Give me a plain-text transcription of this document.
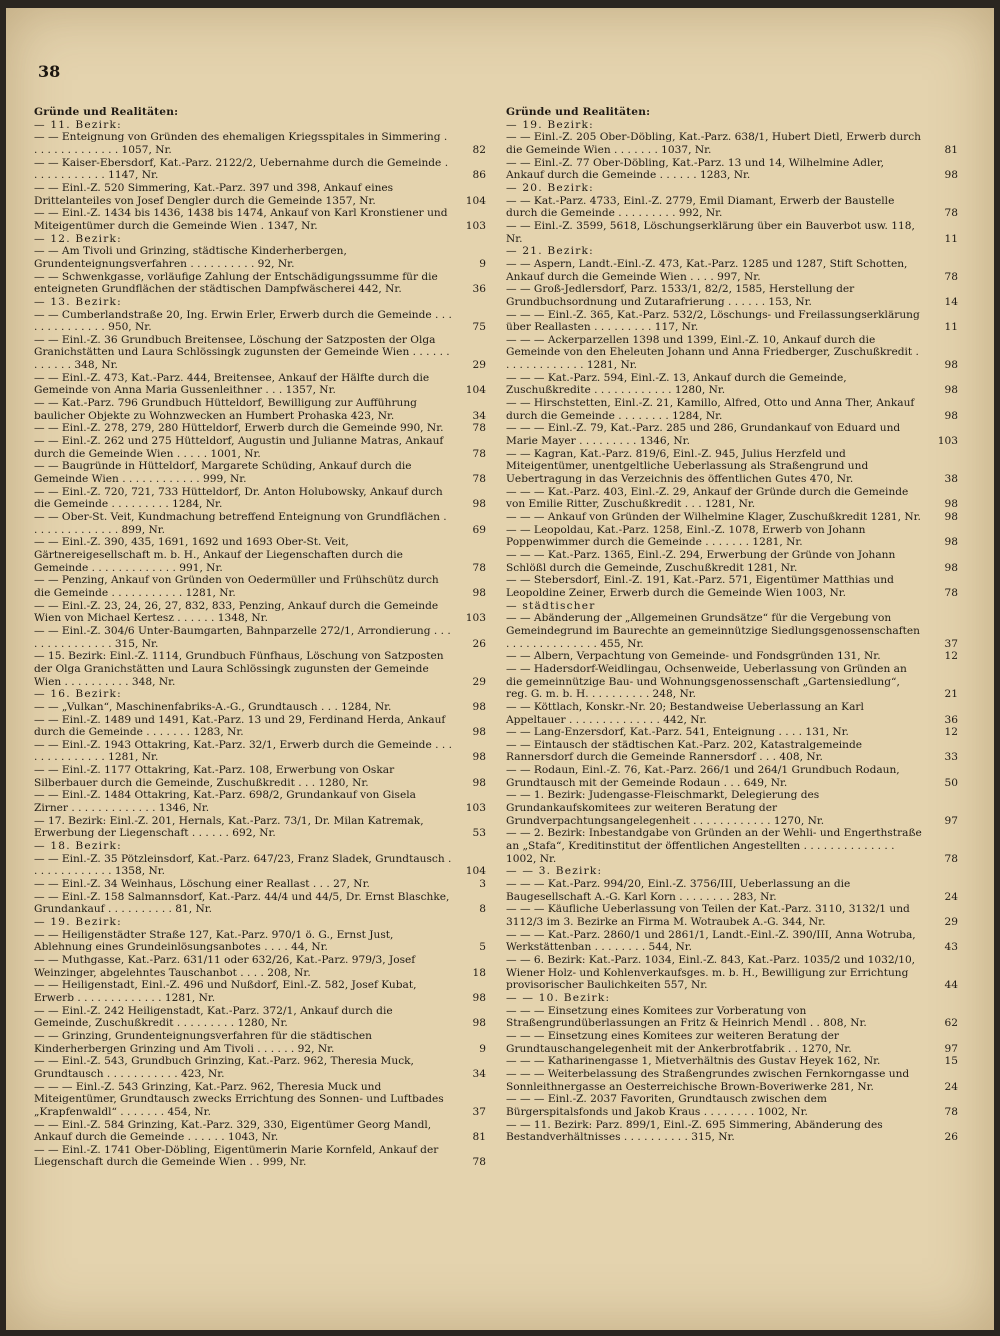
38
Gründe und Realitäten:
— 11. Bezirk:
— — Enteignung von Gründen des ehemaligen Kriegsspitales in Simmering . . . . . . . . . . . . . . 1057, Nr.	82
— — Kaiser-Ebersdorf, Kat.-Parz. 2122/2, Uebernahme durch die Gemeinde . . . . . . . . . . . . 1147, Nr.	86
— — Einl.-Z. 520 Simmering, Kat.-Parz. 397 und 398, Ankauf eines Drittelanteiles von Josef Dengler durch die Gemeinde 1357, Nr.	104
— — Einl.-Z. 1434 bis 1436, 1438 bis 1474, Ankauf von Karl Kronstiener und Miteigentümer durch die Gemeinde Wien . 1347, Nr.	103
— 12. Bezirk:
— — Am Tivoli und Grinzing, städtische Kinderherbergen, Grundenteignungsverfahren . . . . . . . . . . 92, Nr.	9
— — Schwenkgasse, vorläufige Zahlung der Entschädigungssumme für die enteigneten Grundflächen der städtischen Dampfwäscherei 442, Nr.	36
— 13. Bezirk:
— — Cumberlandstraße 20, Ing. Erwin Erler, Erwerb durch die Gemeinde . . . . . . . . . . . . . . 950, Nr.	75
— — Einl.-Z. 36 Grundbuch Breitensee, Löschung der Satzposten der Olga Granichstätten und Laura Schlössingk zugunsten der Gemeinde Wien . . . . . . . . . . . . 348, Nr.	29
— — Einl.-Z. 473, Kat.-Parz. 444, Breitensee, Ankauf der Hälfte durch die Gemeinde von Anna Maria Gussenleithner . . . 1357, Nr.	104
— — Kat.-Parz. 796 Grundbuch Hütteldorf, Bewilligung zur Aufführung baulicher Objekte zu Wohnzwecken an Humbert Prohaska 423, Nr.	34
— — Einl.-Z. 278, 279, 280 Hütteldorf, Erwerb durch die Gemeinde 990, Nr.	78
— — Einl.-Z. 262 und 275 Hütteldorf, Augustin und Julianne Matras, Ankauf durch die Gemeinde Wien . . . . . 1001, Nr.	78
— — Baugründe in Hütteldorf, Margarete Schüding, Ankauf durch die Gemeinde Wien . . . . . . . . . . . . 999, Nr.	78
— — Einl.-Z. 720, 721, 733 Hütteldorf, Dr. Anton Holubowsky, Ankauf durch die Gemeinde . . . . . . . . . 1284, Nr.	98
— — Ober-St. Veit, Kundmachung betreffend Enteignung von Grundflächen . . . . . . . . . . . . . . 899, Nr.	69
— — Einl.-Z. 390, 435, 1691, 1692 und 1693 Ober-St. Veit, Gärtnereigesellschaft m. b. H., Ankauf der Liegenschaften durch die Gemeinde . . . . . . . . . . . . . 991, Nr.	78
— — Penzing, Ankauf von Gründen von Oedermüller und Frühschütz durch die Gemeinde . . . . . . . . . . . 1281, Nr.	98
— — Einl.-Z. 23, 24, 26, 27, 832, 833, Penzing, Ankauf durch die Gemeinde Wien von Michael Kertesz . . . . . . 1348, Nr.	103
— — Einl.-Z. 304/6 Unter-Baumgarten, Bahnparzelle 272/1, Arrondierung . . . . . . . . . . . . . . . 315, Nr.	26
— 15. Bezirk: Einl.-Z. 1114, Grundbuch Fünfhaus, Löschung von Satzposten der Olga Granichstätten und Laura Schlössingk zugunsten der Gemeinde Wien . . . . . . . . . . 348, Nr.	29
— 16. Bezirk:
— — „Vulkan“, Maschinenfabriks-A.-G., Grundtausch . . . 1284, Nr.	98
— — Einl.-Z. 1489 und 1491, Kat.-Parz. 13 und 29, Ferdinand Herda, Ankauf durch die Gemeinde . . . . . . . 1283, Nr.	98
— — Einl.-Z. 1943 Ottakring, Kat.-Parz. 32/1, Erwerb durch die Gemeinde . . . . . . . . . . . . . . 1281, Nr.	98
— — Einl.-Z. 1177 Ottakring, Kat.-Parz. 108, Erwerbung von Oskar Silberbauer durch die Gemeinde, Zuschußkredit . . . 1280, Nr.	98
— — Einl.-Z. 1484 Ottakring, Kat.-Parz. 698/2, Grundankauf von Gisela Zirner . . . . . . . . . . . . . 1346, Nr.	103
— 17. Bezirk: Einl.-Z. 201, Hernals, Kat.-Parz. 73/1, Dr. Milan Katremak, Erwerbung der Liegenschaft . . . . . . 692, Nr.	53
— 18. Bezirk:
— — Einl.-Z. 35 Pötzleinsdorf, Kat.-Parz. 647/23, Franz Sladek, Grundtausch . . . . . . . . . . . . . 1358, Nr.	104
— — Einl.-Z. 34 Weinhaus, Löschung einer Reallast . . . 27, Nr.	3
— — Einl.-Z. 158 Salmannsdorf, Kat.-Parz. 44/4 und 44/5, Dr. Ernst Blaschke, Grundankauf . . . . . . . . . . 81, Nr.	8
— 19. Bezirk:
— — Heiligenstädter Straße 127, Kat.-Parz. 970/1 ö. G., Ernst Just, Ablehnung eines Grundeinlösungsanbotes . . . . 44, Nr.	5
— — Muthgasse, Kat.-Parz. 631/11 oder 632/26, Kat.-Parz. 979/3, Josef Weinzinger, abgelehntes Tauschanbot . . . . 208, Nr.	18
— — Heiligenstadt, Einl.-Z. 496 und Nußdorf, Einl.-Z. 582, Josef Kubat, Erwerb . . . . . . . . . . . . . 1281, Nr.	98
— — Einl.-Z. 242 Heiligenstadt, Kat.-Parz. 372/1, Ankauf durch die Gemeinde, Zuschußkredit . . . . . . . . . 1280, Nr.	98
— — Grinzing, Grundenteignungsverfahren für die städtischen Kinderherbergen Grinzing und Am Tivoli . . . . . . 92, Nr.	9
— — Einl.-Z. 543, Grundbuch Grinzing, Kat.-Parz. 962, Theresia Muck, Grundtausch . . . . . . . . . . . 423, Nr.	34
— — — Einl.-Z. 543 Grinzing, Kat.-Parz. 962, Theresia Muck und Miteigentümer, Grundtausch zwecks Errichtung des Sonnen- und Luftbades „Krapfenwaldl“ . . . . . . . 454, Nr.	37
— — Einl.-Z. 584 Grinzing, Kat.-Parz. 329, 330, Eigentümer Georg Mandl, Ankauf durch die Gemeinde . . . . . . 1043, Nr.	81
— — Einl.-Z. 1741 Ober-Döbling, Eigentümerin Marie Kornfeld, Ankauf der Liegenschaft durch die Gemeinde Wien . . 999, Nr.	78
Gründe und Realitäten:
— 19. Bezirk:
— — Einl.-Z. 205 Ober-Döbling, Kat.-Parz. 638/1, Hubert Dietl, Erwerb durch die Gemeinde Wien . . . . . . . 1037, Nr.	81
— — Einl.-Z. 77 Ober-Döbling, Kat.-Parz. 13 und 14, Wilhelmine Adler, Ankauf durch die Gemeinde . . . . . . 1283, Nr.	98
— 20. Bezirk:
— — Kat.-Parz. 4733, Einl.-Z. 2779, Emil Diamant, Erwerb der Baustelle durch die Gemeinde . . . . . . . . . 992, Nr.	78
— — Einl.-Z. 3599, 5618, Löschungserklärung über ein Bauverbot usw. 118, Nr.	11
— 21. Bezirk:
— — Aspern, Landt.-Einl.-Z. 473, Kat.-Parz. 1285 und 1287, Stift Schotten, Ankauf durch die Gemeinde Wien . . . . 997, Nr.	78
— — Groß-Jedlersdorf, Parz. 1533/1, 82/2, 1585, Herstellung der Grundbuchsordnung und Zutarafrierung . . . . . . 153, Nr.	14
— — — Einl.-Z. 365, Kat.-Parz. 532/2, Löschungs- und Freilassungserklärung über Reallasten . . . . . . . . . 117, Nr.	11
— — — Ackerparzellen 1398 und 1399, Einl.-Z. 10, Ankauf durch die Gemeinde von den Eheleuten Johann und Anna Friedberger, Zuschußkredit . . . . . . . . . . . . . 1281, Nr.	98
— — — Kat.-Parz. 594, Einl.-Z. 13, Ankauf durch die Gemeinde, Zuschußkredite . . . . . . . . . . . . 1280, Nr.	98
— — Hirschstetten, Einl.-Z. 21, Kamillo, Alfred, Otto und Anna Ther, Ankauf durch die Gemeinde . . . . . . . . 1284, Nr.	98
— — — Einl.-Z. 79, Kat.-Parz. 285 und 286, Grundankauf von Eduard und Marie Mayer . . . . . . . . . 1346, Nr.	103
— — Kagran, Kat.-Parz. 819/6, Einl.-Z. 945, Julius Herzfeld und Miteigentümer, unentgeltliche Ueberlassung als Straßengrund und Uebertragung in das Verzeichnis des öffentlichen Gutes 470, Nr.	38
— — — Kat.-Parz. 403, Einl.-Z. 29, Ankauf der Gründe durch die Gemeinde von Emilie Ritter, Zuschußkredit . . . 1281, Nr.	98
— — — Ankauf von Gründen der Wilhelmine Klager, Zuschußkredit 1281, Nr.	98
— — Leopoldau, Kat.-Parz. 1258, Einl.-Z. 1078, Erwerb von Johann Poppenwimmer durch die Gemeinde . . . . . . . 1281, Nr.	98
— — — Kat.-Parz. 1365, Einl.-Z. 294, Erwerbung der Gründe von Johann Schlößl durch die Gemeinde, Zuschußkredit 1281, Nr.	98
— — Stebersdorf, Einl.-Z. 191, Kat.-Parz. 571, Eigentümer Matthias und Leopoldine Zeiner, Erwerb durch die Gemeinde Wien 1003, Nr.	78
— städtischer
— — Abänderung der „Allgemeinen Grundsätze“ für die Vergebung von Gemeindegrund im Baurechte an gemeinnützige Siedlungsgenossenschaften . . . . . . . . . . . . . . 455, Nr.	37
— — Albern, Verpachtung von Gemeinde- und Fondsgründen 131, Nr.	12
— — Hadersdorf-Weidlingau, Ochsenweide, Ueberlassung von Gründen an die gemeinnützige Bau- und Wohnungsgenossenschaft „Gartensiedlung“, reg. G. m. b. H. . . . . . . . . . 248, Nr.	21
— — Köttlach, Konskr.-Nr. 20; Bestandweise Ueberlassung an Karl Appeltauer . . . . . . . . . . . . . . 442, Nr.	36
— — Lang-Enzersdorf, Kat.-Parz. 541, Enteignung . . . . 131, Nr.	12
— — Eintausch der städtischen Kat.-Parz. 202, Katastralgemeinde Rannersdorf durch die Gemeinde Rannersdorf . . . 408, Nr.	33
— — Rodaun, Einl.-Z. 76, Kat.-Parz. 266/1 und 264/1 Grundbuch Rodaun, Grundtausch mit der Gemeinde Rodaun . . . 649, Nr.	50
— — 1. Bezirk: Judengasse-Fleischmarkt, Delegierung des Grundankaufskomitees zur weiteren Beratung der Grundverpachtungsangelegenheit . . . . . . . . . . . . 1270, Nr.	97
— — 2. Bezirk: Inbestandgabe von Gründen an der Wehli- und Engerthstraße an „Stafa“, Kreditinstitut der öffentlichen Angestellten . . . . . . . . . . . . . . 1002, Nr.	78
— — 3. Bezirk:
— — — Kat.-Parz. 994/20, Einl.-Z. 3756/III, Ueberlassung an die Baugesellschaft A.-G. Karl Korn . . . . . . . . 283, Nr.	24
— — — Käufliche Ueberlassung von Teilen der Kat.-Parz. 3110, 3132/1 und 3112/3 im 3. Bezirke an Firma M. Wotraubek A.-G. 344, Nr.	29
— — — Kat.-Parz. 2860/1 und 2861/1, Landt.-Einl.-Z. 390/III, Anna Wotruba, Werkstättenban . . . . . . . . 544, Nr.	43
— — 6. Bezirk: Kat.-Parz. 1034, Einl.-Z. 843, Kat.-Parz. 1035/2 und 1032/10, Wiener Holz- und Kohlenverkaufsges. m. b. H., Bewilligung zur Errichtung provisorischer Baulichkeiten 557, Nr.	44
— — 10. Bezirk:
— — — Einsetzung eines Komitees zur Vorberatung von Straßengrundüberlassungen an Fritz & Heinrich Mendl . . 808, Nr.	62
— — — Einsetzung eines Komitees zur weiteren Beratung der Grundtauschangelegenheit mit der Ankerbrotfabrik . . 1270, Nr.	97
— — — Katharinengasse 1, Mietverhältnis des Gustav Heyek 162, Nr.	15
— — — Weiterbelassung des Straßengrundes zwischen Fernkorngasse und Sonnleithnergasse an Oesterreichische Brown-Boveriwerke 281, Nr.	24
— — — Einl.-Z. 2037 Favoriten, Grundtausch zwischen dem Bürgerspitalsfonds und Jakob Kraus . . . . . . . . 1002, Nr.	78
— — 11. Bezirk: Parz. 899/1, Einl.-Z. 695 Simmering, Abänderung des Bestandverhältnisses . . . . . . . . . . 315, Nr.	26
